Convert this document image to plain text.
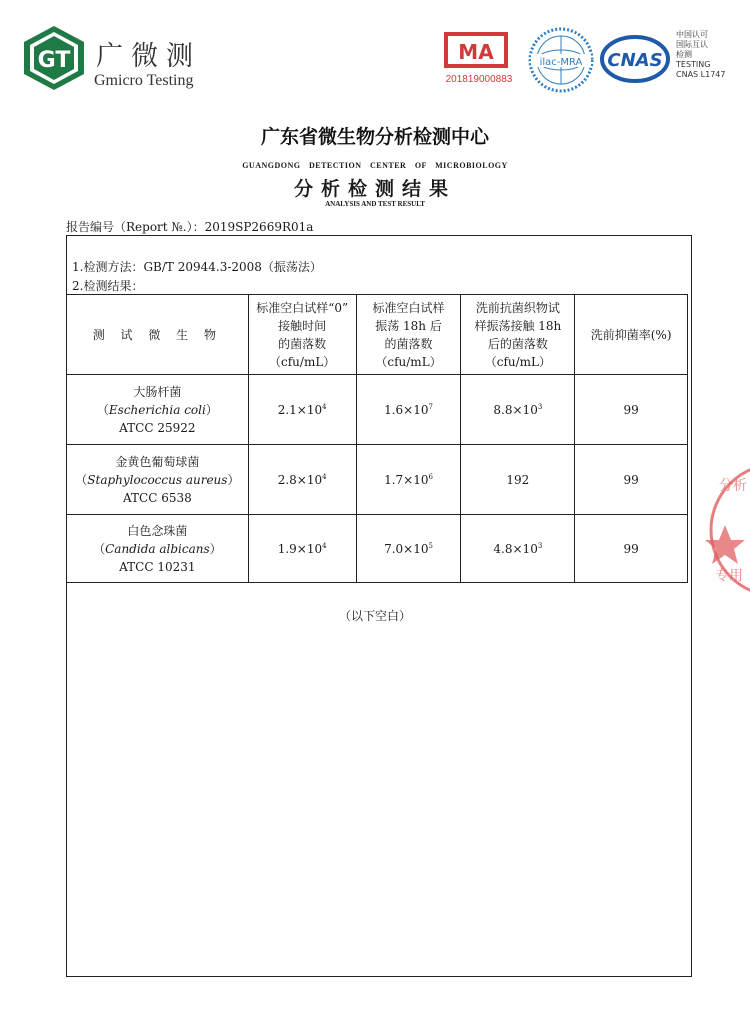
GT 广微测
Gmicro Testing
MA
201819000883
ilac-MRA CNAS
中国认可
国际互认
检测
TESTING
CNAS L1747
广东省微生物分析检测中心
GUANGDONG DETECTION CENTER OF MICROBIOLOGY
分析检测结果
ANALYSIS AND TEST RESULT
报告编号（Report №.）：2019SP2669R01a
1.检测方法：GB/T 20944.3-2008（振荡法）
2.检测结果：
测 试 微 生 物	标准空白试样“0”
接触时间
的菌落数
（cfu/mL）	标准空白试样
振荡 18h 后
的菌落数
（cfu/mL）	洗前抗菌织物试
样振荡接触 18h
后的菌落数
（cfu/mL）	洗前抑菌率(%)

大肠杆菌
（Escherichia coli）
ATCC 25922	$2.1\times 10^4$	$1.6\times 10^7$	$8.8\times 10^3$	99

金黄色葡萄球菌
（Staphylococcus aureus）
ATCC 6538	$2.8\times 10^4$	$1.7\times 10^6$	192	99

白色念珠菌
（Candida albicans）
ATCC 10231	$1.9\times 10^4$	$7.0\times 10^5$	$4.8\times 10^3$	99
（以下空白）
分析
专用
